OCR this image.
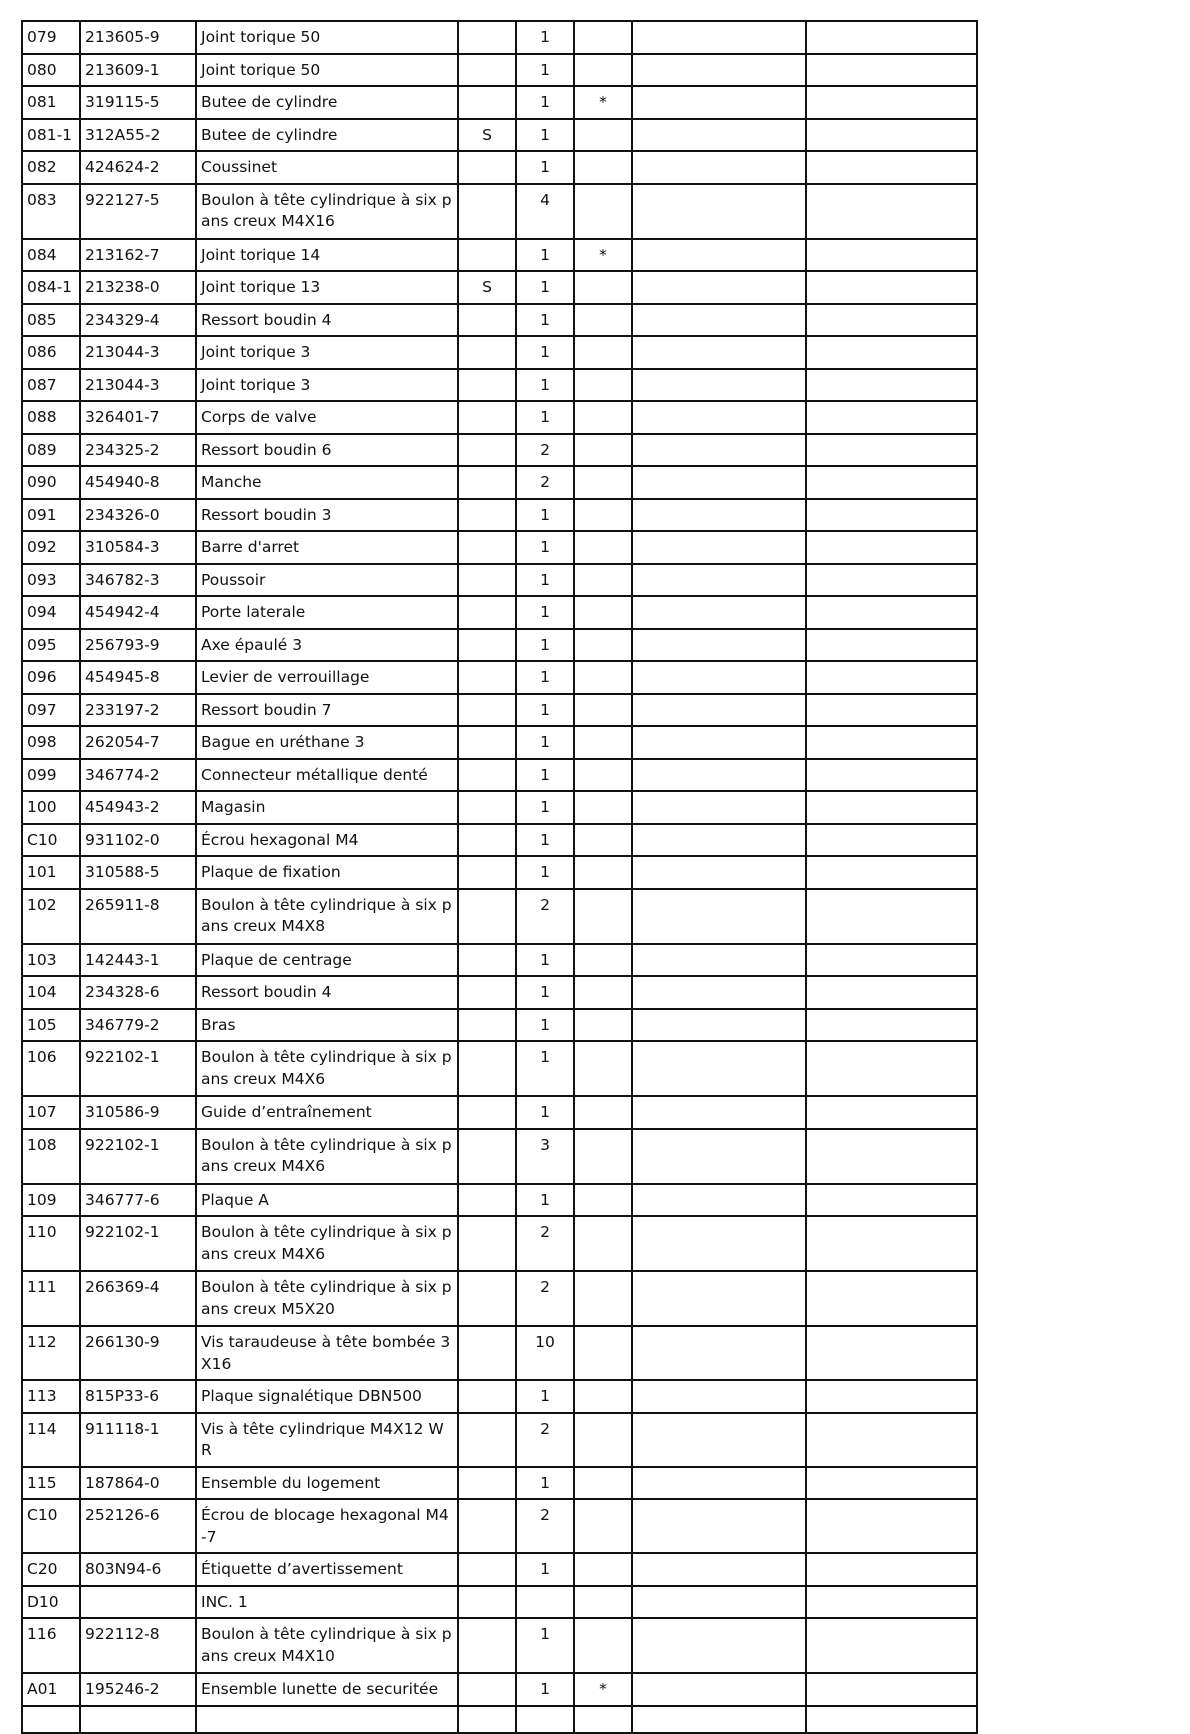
079	213605-9	Joint torique 50		1			
080	213609-1	Joint torique 50		1			
081	319115-5	Butee de cylindre		1	*		
081-1	312A55-2	Butee de cylindre	S	1			
082	424624-2	Coussinet		1			
083	922127-5	Boulon à tête cylindrique à six pans creux M4X16		4			
084	213162-7	Joint torique 14		1	*		
084-1	213238-0	Joint torique 13	S	1			
085	234329-4	Ressort boudin 4		1			
086	213044-3	Joint torique 3		1			
087	213044-3	Joint torique 3		1			
088	326401-7	Corps de valve		1			
089	234325-2	Ressort boudin 6		2			
090	454940-8	Manche		2			
091	234326-0	Ressort boudin 3		1			
092	310584-3	Barre d'arret		1			
093	346782-3	Poussoir		1			
094	454942-4	Porte laterale		1			
095	256793-9	Axe épaulé 3		1			
096	454945-8	Levier de verrouillage		1			
097	233197-2	Ressort boudin 7		1			
098	262054-7	Bague en uréthane 3		1			
099	346774-2	Connecteur métallique denté		1			
100	454943-2	Magasin		1			
C10	931102-0	Écrou hexagonal M4		1			
101	310588-5	Plaque de fixation		1			
102	265911-8	Boulon à tête cylindrique à six pans creux M4X8		2			
103	142443-1	Plaque de centrage		1			
104	234328-6	Ressort boudin 4		1			
105	346779-2	Bras		1			
106	922102-1	Boulon à tête cylindrique à six pans creux M4X6		1			
107	310586-9	Guide d’entraînement		1			
108	922102-1	Boulon à tête cylindrique à six pans creux M4X6		3			
109	346777-6	Plaque A		1			
110	922102-1	Boulon à tête cylindrique à six pans creux M4X6		2			
111	266369-4	Boulon à tête cylindrique à six pans creux M5X20		2			
112	266130-9	Vis taraudeuse à tête bombée 3X16		10			
113	815P33-6	Plaque signalétique DBN500		1			
114	911118-1	Vis à tête cylindrique M4X12 WR		2			
115	187864-0	Ensemble du logement		1			
C10	252126-6	Écrou de blocage hexagonal M4-7		2			
C20	803N94-6	Étiquette d’avertissement		1			
D10		INC. 1					
116	922112-8	Boulon à tête cylindrique à six pans creux M4X10		1			
A01	195246-2	Ensemble lunette de securitée		1	*		
